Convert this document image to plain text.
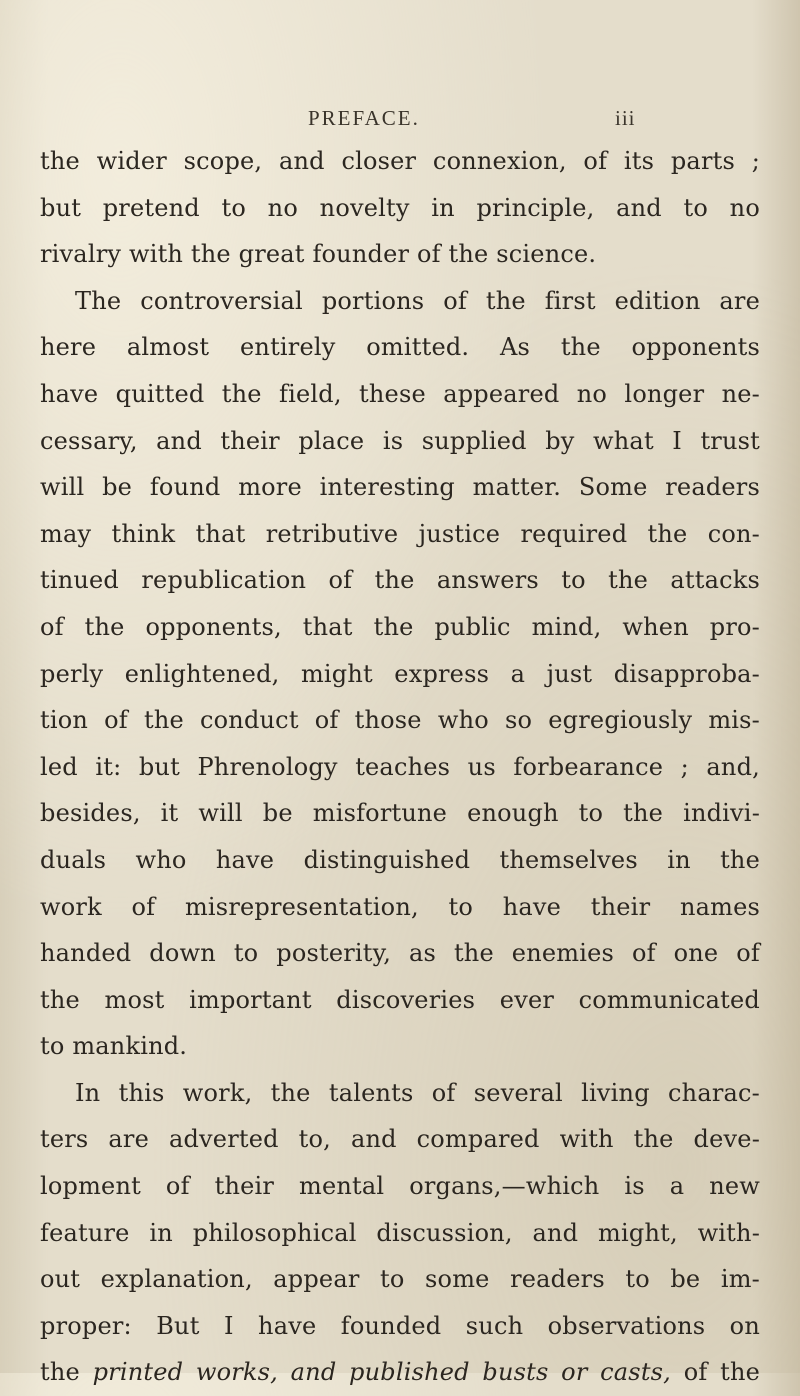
PREFACE.	iii
the wider scope, and closer connexion, of its parts ;
but pretend to no novelty in principle, and to no
rivalry with the great founder of the science.
The controversial portions of the first edition are
here almost entirely omitted. As the opponents
have quitted the field, these appeared no longer ne-
cessary, and their place is supplied by what I trust
will be found more interesting matter. Some readers
may think that retributive justice required the con-
tinued republication of the answers to the attacks
of the opponents, that the public mind, when pro-
perly enlightened, might express a just disapproba-
tion of the conduct of those who so egregiously mis-
led it: but Phrenology teaches us forbearance ; and,
besides, it will be misfortune enough to the indivi-
duals who have distinguished themselves in the
work of misrepresentation, to have their names
handed down to posterity, as the enemies of one of
the most important discoveries ever communicated
to mankind.
In this work, the talents of several living charac-
ters are adverted to, and compared with the deve-
lopment of their mental organs,—which is a new
feature in philosophical discussion, and might, with-
out explanation, appear to some readers to be im-
proper: But I have founded such observations on
the printed works, and published busts or casts, of the
